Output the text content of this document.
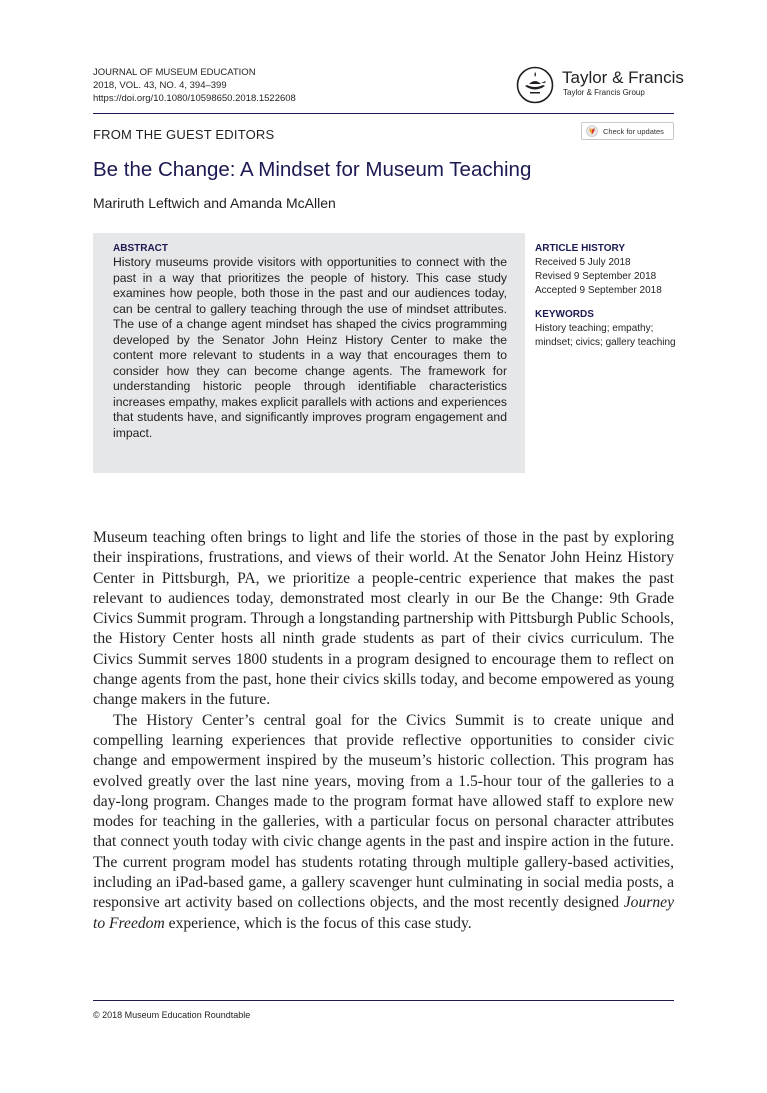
JOURNAL OF MUSEUM EDUCATION
2018, VOL. 43, NO. 4, 394–399
https://doi.org/10.1080/10598650.2018.1522608
Taylor & Francis
Taylor & Francis Group
FROM THE GUEST EDITORS	Check for updates
Be the Change: A Mindset for Museum Teaching
Mariruth Leftwich and Amanda McAllen
ABSTRACT
History museums provide visitors with opportunities to connect with the past in a way that prioritizes the people of history. This case study examines how people, both those in the past and our audiences today, can be central to gallery teaching through the use of mindset attributes. The use of a change agent mindset has shaped the civics programming developed by the Senator John Heinz History Center to make the content more relevant to students in a way that encourages them to consider how they can become change agents. The framework for understanding historic people through identifiable characteristics increases empathy, makes explicit parallels with actions and experiences that students have, and significantly improves program engagement and impact.
ARTICLE HISTORY
Received 5 July 2018
Revised 9 September 2018
Accepted 9 September 2018
KEYWORDS
History teaching; empathy; mindset; civics; gallery teaching

Museum teaching often brings to light and life the stories of those in the past by exploring their inspirations, frustrations, and views of their world. At the Senator John Heinz History Center in Pittsburgh, PA, we prioritize a people-centric experience that makes the past relevant to audiences today, demonstrated most clearly in our Be the Change: 9th Grade Civics Summit program. Through a longstanding partnership with Pittsburgh Public Schools, the History Center hosts all ninth grade students as part of their civics curriculum. The Civics Summit serves 1800 students in a program designed to encourage them to reflect on change agents from the past, hone their civics skills today, and become empowered as young change makers in the future.

The History Center’s central goal for the Civics Summit is to create unique and compelling learning experiences that provide reflective opportunities to consider civic change and empowerment inspired by the museum’s historic collection. This program has evolved greatly over the last nine years, moving from a 1.5-hour tour of the galleries to a day-long program. Changes made to the program format have allowed staff to explore new modes for teaching in the galleries, with a particular focus on personal character attributes that connect youth today with civic change agents in the past and inspire action in the future. The current program model has students rotating through multiple gallery-based activities, including an iPad-based game, a gallery scavenger hunt culminating in social media posts, a responsive art activity based on collections objects, and the most recently designed Journey to Freedom experience, which is the focus of this case study.

© 2018 Museum Education Roundtable
